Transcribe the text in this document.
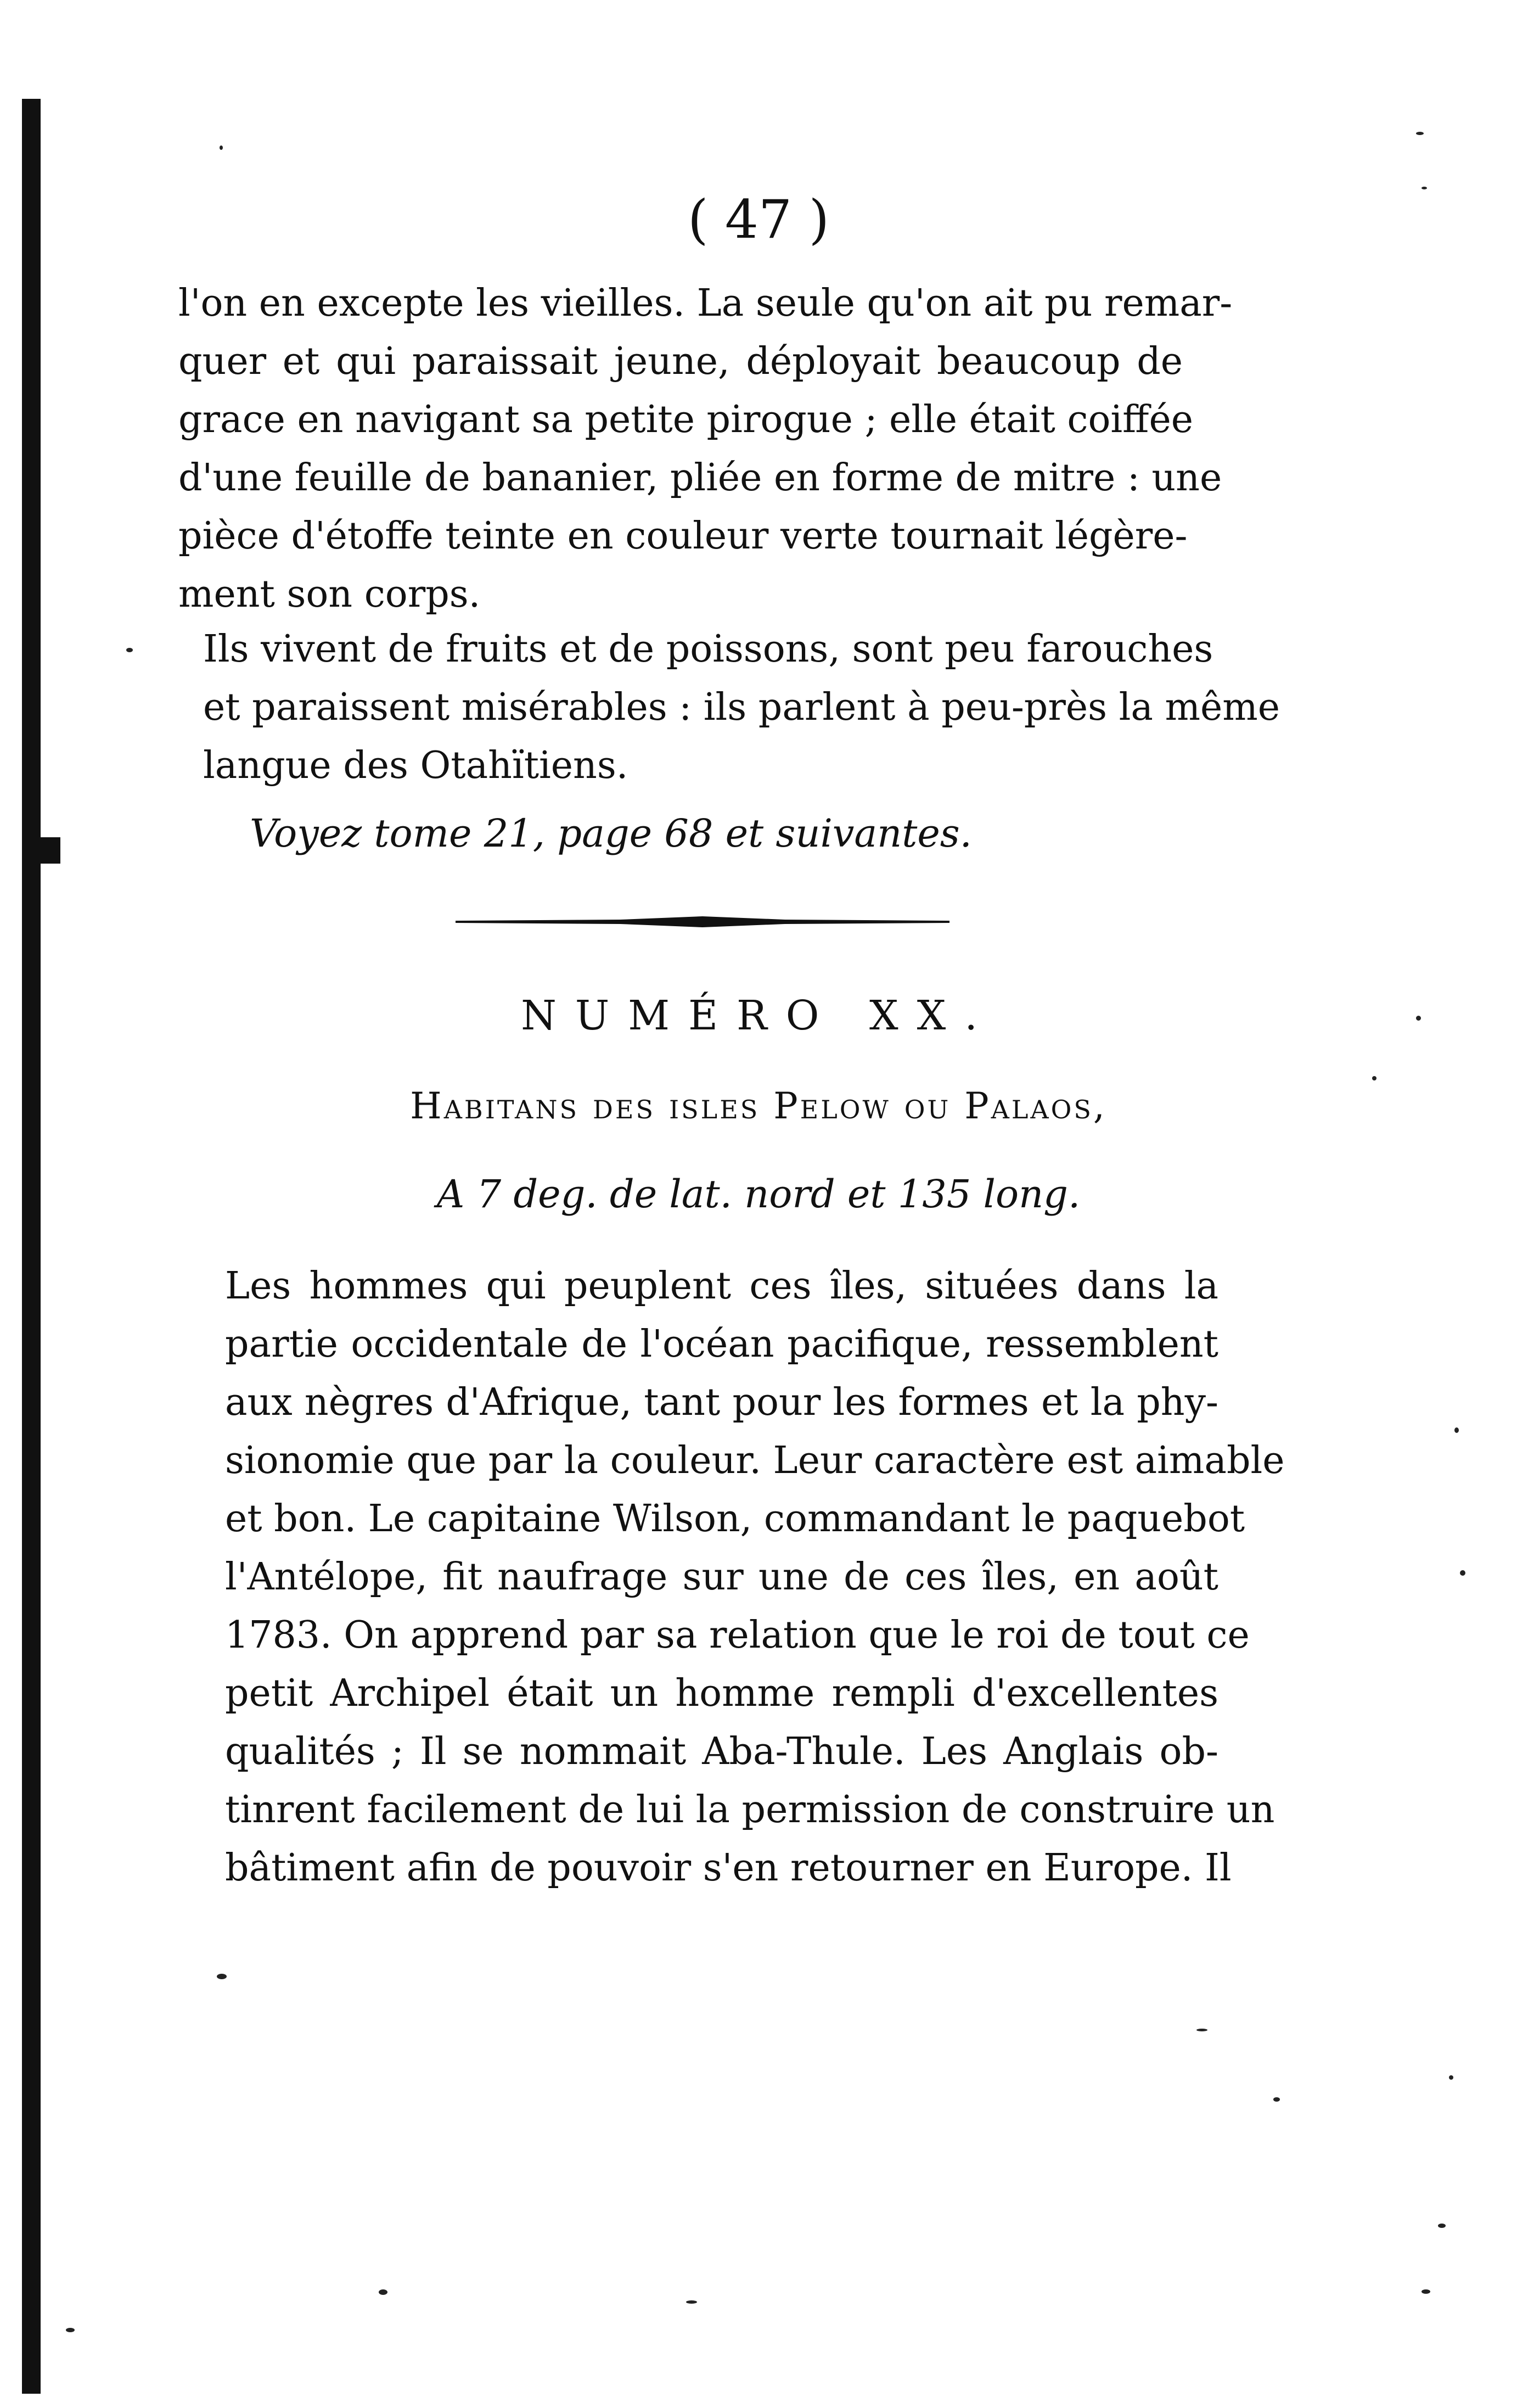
( 47 )

l'on en excepte les vieilles. La seule qu'on ait pu remar-
quer et qui paraissait jeune, déployait beaucoup de
grace en navigant sa petite pirogue ; elle était coiffée
d'une feuille de bananier, pliée en forme de mitre : une
pièce d'étoffe teinte en couleur verte tournait légère-
ment son corps.

Ils vivent de fruits et de poissons, sont peu farouches
et paraissent misérables : ils parlent à peu-près la même
langue des Otahïtiens.

Voyez tome 21, page 68 et suivantes.
NUMÉRO XX.
Habitans des isles Pelow ou Palaos,
A 7 deg. de lat. nord et 135 long.

Les hommes qui peuplent ces îles, situées dans la
partie occidentale de l'océan pacifique, ressemblent
aux nègres d'Afrique, tant pour les formes et la phy-
sionomie que par la couleur. Leur caractère est aimable
et bon. Le capitaine Wilson, commandant le paquebot
l'Antélope, fit naufrage sur une de ces îles, en août
1783. On apprend par sa relation que le roi de tout ce
petit Archipel était un homme rempli d'excellentes
qualités ; Il se nommait Aba-Thule. Les Anglais ob-
tinrent facilement de lui la permission de construire un
bâtiment afin de pouvoir s'en retourner en Europe. Il
